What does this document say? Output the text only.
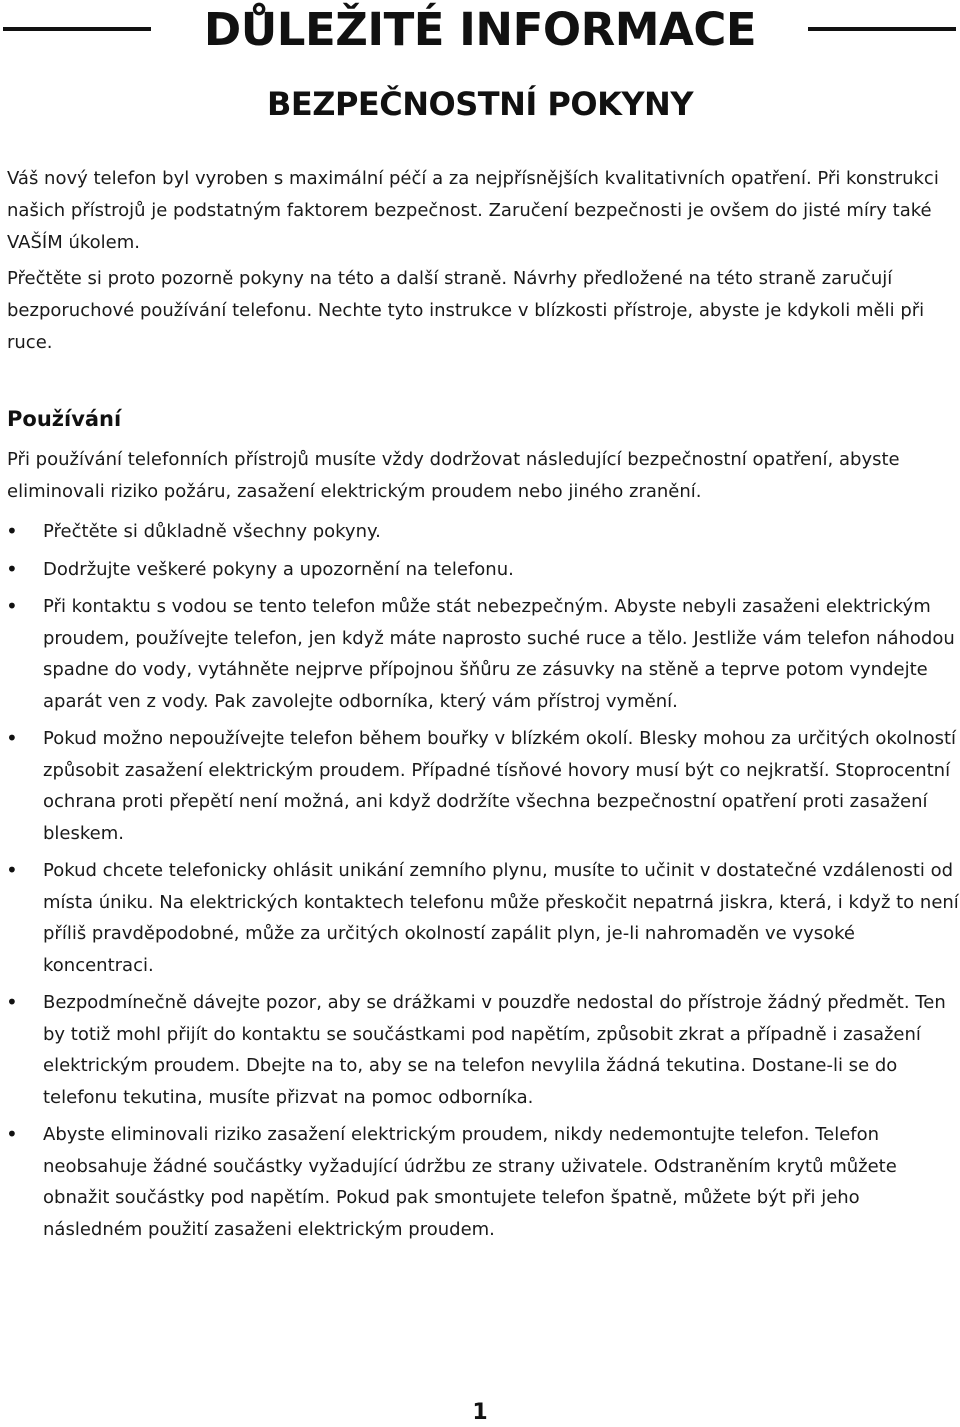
DŮLEŽITÉ INFORMACE
BEZPEČNOSTNÍ POKYNY

Váš nový telefon byl vyroben s maximální péčí a za nejpřísnějších kvalitativních opatření. Při konstrukci našich přístrojů je podstatným faktorem bezpečnost. Zaručení bezpečnosti je ovšem do jisté míry také VAŠÍM úkolem.

Přečtěte si proto pozorně pokyny na této a další straně. Návrhy předložené na této straně zaručují bezporuchové používání telefonu. Nechte tyto instrukce v blízkosti přístroje, abyste je kdykoli měli při ruce.

Používání

Při používání telefonních přístrojů musíte vždy dodržovat následující bezpečnostní opatření, abyste eliminovali riziko požáru, zasažení elektrickým proudem nebo jiného zranění.

• Přečtěte si důkladně všechny pokyny.
• Dodržujte veškeré pokyny a upozornění na telefonu.
• Při kontaktu s vodou se tento telefon může stát nebezpečným. Abyste nebyli zasaženi elektrickým proudem, používejte telefon, jen když máte naprosto suché ruce a tělo. Jestliže vám telefon náhodou spadne do vody, vytáhněte nejprve přípojnou šňůru ze zásuvky na stěně a teprve potom vyndejte aparát ven z vody. Pak zavolejte odborníka, který vám přístroj vymění.
• Pokud možno nepoužívejte telefon během bouřky v blízkém okolí. Blesky mohou za určitých okolností způsobit zasažení elektrickým proudem. Případné tísňové hovory musí být co nejkratší. Stoprocentní ochrana proti přepětí není možná, ani když dodržíte všechna bezpečnostní opatření proti zasažení bleskem.
• Pokud chcete telefonicky ohlásit unikání zemního plynu, musíte to učinit v dostatečné vzdálenosti od místa úniku. Na elektrických kontaktech telefonu může přeskočit nepatrná jiskra, která, i když to není příliš pravděpodobné, může za určitých okolností zapálit plyn, je-li nahromaděn ve vysoké koncentraci.
• Bezpodmínečně dávejte pozor, aby se drážkami v pouzdře nedostal do přístroje žádný předmět. Ten by totiž mohl přijít do kontaktu se součástkami pod napětím, způsobit zkrat a případně i zasažení elektrickým proudem. Dbejte na to, aby se na telefon nevylila žádná tekutina. Dostane-li se do telefonu tekutina, musíte přizvat na pomoc odborníka.
• Abyste eliminovali riziko zasažení elektrickým proudem, nikdy nedemontujte telefon. Telefon neobsahuje žádné součástky vyžadující údržbu ze strany uživatele. Odstraněním krytů můžete obnažit součástky pod napětím. Pokud pak smontujete telefon špatně, můžete být při jeho následném použití zasaženi elektrickým proudem.

1
